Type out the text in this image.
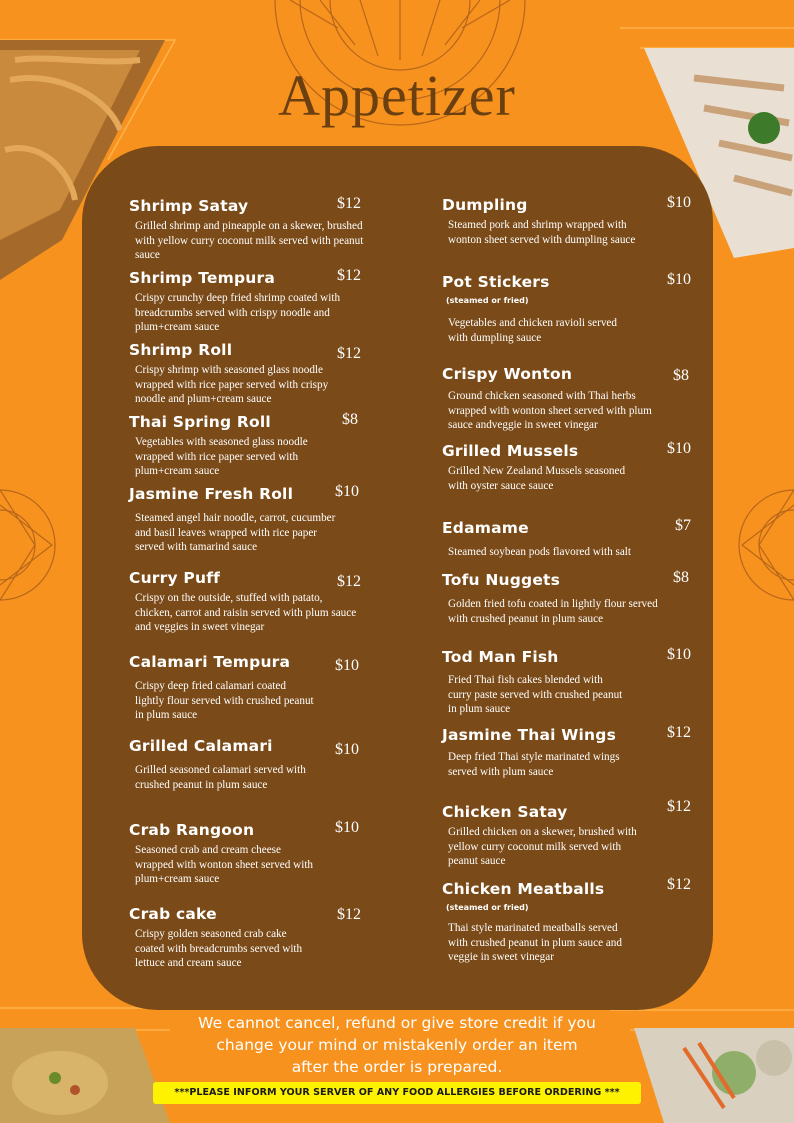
Appetizer
Shrimp Satay	$12
Grilled shrimp and pineapple on a skewer, brushed with yellow curry coconut milk served with peanut sauce
Shrimp Tempura	$12
Crispy crunchy deep fried shrimp coated with breadcrumbs served with crispy noodle and plum+cream sauce
Shrimp Roll	$12
Crispy shrimp with seasoned glass noodle wrapped with rice paper served with crispy noodle and plum+cream sauce
Thai Spring Roll	$8
Vegetables with seasoned glass noodle wrapped with rice paper served with plum+cream sauce
Jasmine Fresh Roll	$10
Steamed angel hair noodle, carrot, cucumber and basil leaves wrapped with rice paper served with tamarind sauce
Curry Puff	$12
Crispy on the outside, stuffed with patato, chicken, carrot and raisin served with plum sauce and veggies in sweet vinegar
Calamari Tempura	$10
Crispy deep fried calamari coated lightly flour served with crushed peanut in plum sauce
Grilled Calamari	$10
Grilled seasoned calamari served with crushed peanut in plum sauce
Crab Rangoon	$10
Seasoned crab and cream cheese wrapped with wonton sheet served with plum+cream sauce
Crab cake	$12
Crispy golden seasoned crab cake coated with breadcrumbs served with lettuce and cream sauce
Dumpling	$10
Steamed pork and shrimp wrapped with wonton sheet served with dumpling sauce
Pot Stickers	$10
(steamed or fried)
Vegetables and chicken ravioli served with dumpling sauce
Crispy Wonton	$8
Ground chicken seasoned with Thai herbs wrapped with wonton sheet served with plum sauce andveggie in sweet vinegar
Grilled Mussels	$10
Grilled New Zealand Mussels seasoned with oyster sauce sauce
Edamame	$7
Steamed soybean pods flavored with salt
Tofu Nuggets	$8
Golden fried tofu coated in lightly flour served with crushed peanut in plum sauce
Tod Man Fish	$10
Fried Thai fish cakes blended with curry paste served with crushed peanut in plum sauce
Jasmine Thai Wings	$12
Deep fried Thai style marinated wings served with plum sauce
Chicken Satay	$12
Grilled chicken on a skewer, brushed with yellow curry coconut milk served with peanut sauce
Chicken Meatballs	$12
(steamed or fried)
Thai style marinated meatballs served with crushed peanut in plum sauce and veggie in sweet vinegar
We cannot cancel, refund or give store credit if you
change your mind or mistakenly order an item
after the order is prepared.
***PLEASE INFORM YOUR SERVER OF ANY FOOD ALLERGIES BEFORE ORDERING ***
